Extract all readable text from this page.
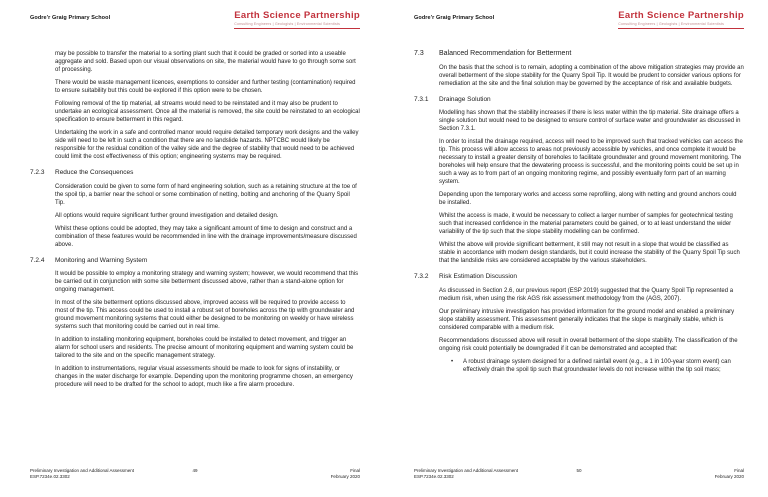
Godre'r Graig Primary School	Earth Science Partnership
Consulting Engineers | Geologists | Environmental Scientists

may be possible to transfer the material to a sorting plant such that it could be graded or sorted into a useable aggregate and sold. Based upon our visual observations on site, the material would have to go through some sort of processing.

There would be waste management licences, exemptions to consider and further testing (contamination) required to ensure suitability but this could be explored if this option were to be chosen.

Following removal of the tip material, all streams would need to be reinstated and it may also be prudent to undertake an ecological assessment. Once all the material is removed, the site could be reinstated to an ecological specification to ensure betterment in this regard.

Undertaking the work in a safe and controlled manor would require detailed temporary work designs and the valley side will need to be left in such a condition that there are no landslide hazards. NPTCBC would likely be responsible for the residual condition of the valley side and the degree of stability that would need to be achieved could limit the cost effectiveness of this option; engineering systems may be required.

7.2.3	Reduce the Consequences

Consideration could be given to some form of hard engineering solution, such as a retaining structure at the toe of the spoil tip, a barrier near the school or some combination of netting, bolting and anchoring of the Quarry Spoil Tip.

All options would require significant further ground investigation and detailed design.

Whilst these options could be adopted, they may take a significant amount of time to design and construct and a combination of these features would be recommended in line with the drainage improvements/measure discussed above.

7.2.4	Monitoring and Warning System

It would be possible to employ a monitoring strategy and warning system; however, we would recommend that this be carried out in conjunction with some site betterment discussed above, rather than a stand-alone option for ongoing management.

In most of the site betterment options discussed above, improved access will be required to provide access to most of the tip. This access could be used to install a robust set of boreholes across the tip with groundwater and ground movement monitoring systems that could either be designed to be monitoring on weekly or have wireless systems such that monitoring could be carried out in real time.

In addition to installing monitoring equipment, boreholes could be installed to detect movement, and trigger an alarm for school users and residents. The precise amount of monitoring equipment and warning system could be tailored to the site and on the specific management strategy.

In addition to instrumentations, regular visual assessments should be made to look for signs of instability, or changes in the water discharge for example. Depending upon the monitoring programme chosen, an emergency procedure will need to be drafted for the school to adopt, much like a fire alarm procedure.

Preliminary Investigation and Additional Assessment
ESP.7234e.02.3302
49	Final
February 2020
Godre'r Graig Primary School	Earth Science Partnership
Consulting Engineers | Geologists | Environmental Scientists
7.3	Balanced Recommendation for Betterment

On the basis that the school is to remain, adopting a combination of the above mitigation strategies may provide an overall betterment of the slope stability for the Quarry Spoil Tip. It would be prudent to consider various options for remediation at the site and the final solution may be governed by the acceptance of risk and available budgets.

7.3.1	Drainage Solution

Modelling has shown that the stability increases if there is less water within the tip material. Site drainage offers a single solution but would need to be designed to ensure control of surface water and groundwater as discussed in Section 7.3.1.

In order to install the drainage required, access will need to be improved such that tracked vehicles can access the tip. This process will allow access to areas not previously accessible by vehicles, and once complete it would be necessary to install a greater density of boreholes to facilitate groundwater and ground movement monitoring. The boreholes will help ensure that the dewatering process is successful, and the monitoring points could be set up in such a way as to from part of an ongoing monitoring regime, and possibly eventually form part of an warning system.

Depending upon the temporary works and access some reprofiling, along with netting and ground anchors could be installed.

Whilst the access is made, it would be necessary to collect a larger number of samples for geotechnical testing such that increased confidence in the material parameters could be gained, or to at least understand the wider variability of the tip such that the slope stability modelling can be confirmed.

Whilst the above will provide significant betterment, it still may not result in a slope that would be classified as stable in accordance with modern design standards, but it could increase the stability of the Quarry Spoil Tip such that the landslide risks are considered acceptable by the various stakeholders.

7.3.2	Risk Estimation Discussion

As discussed in Section 2.6, our previous report (ESP 2019) suggested that the Quarry Spoil Tip represented a medium risk, when using the risk AGS risk assessment methodology from the (AGS, 2007).

Our preliminary intrusive investigation has provided information for the ground model and enabled a preliminary slope stability assessment. This assessment generally indicates that the slope is marginally stable, which is considered comparable with a medium risk.

Recommendations discussed above will result in overall betterment of the slope stability. The classification of the ongoing risk could potentially be downgraded if it can be demonstrated and accepted that:

•	A robust drainage system designed for a defined rainfall event (e.g., a 1 in 100-year storm event) can effectively drain the spoil tip such that groundwater levels do not increase within the tip soil mass;
Preliminary Investigation and Additional Assessment
ESP.7234e.02.3302
50	Final
February 2020
